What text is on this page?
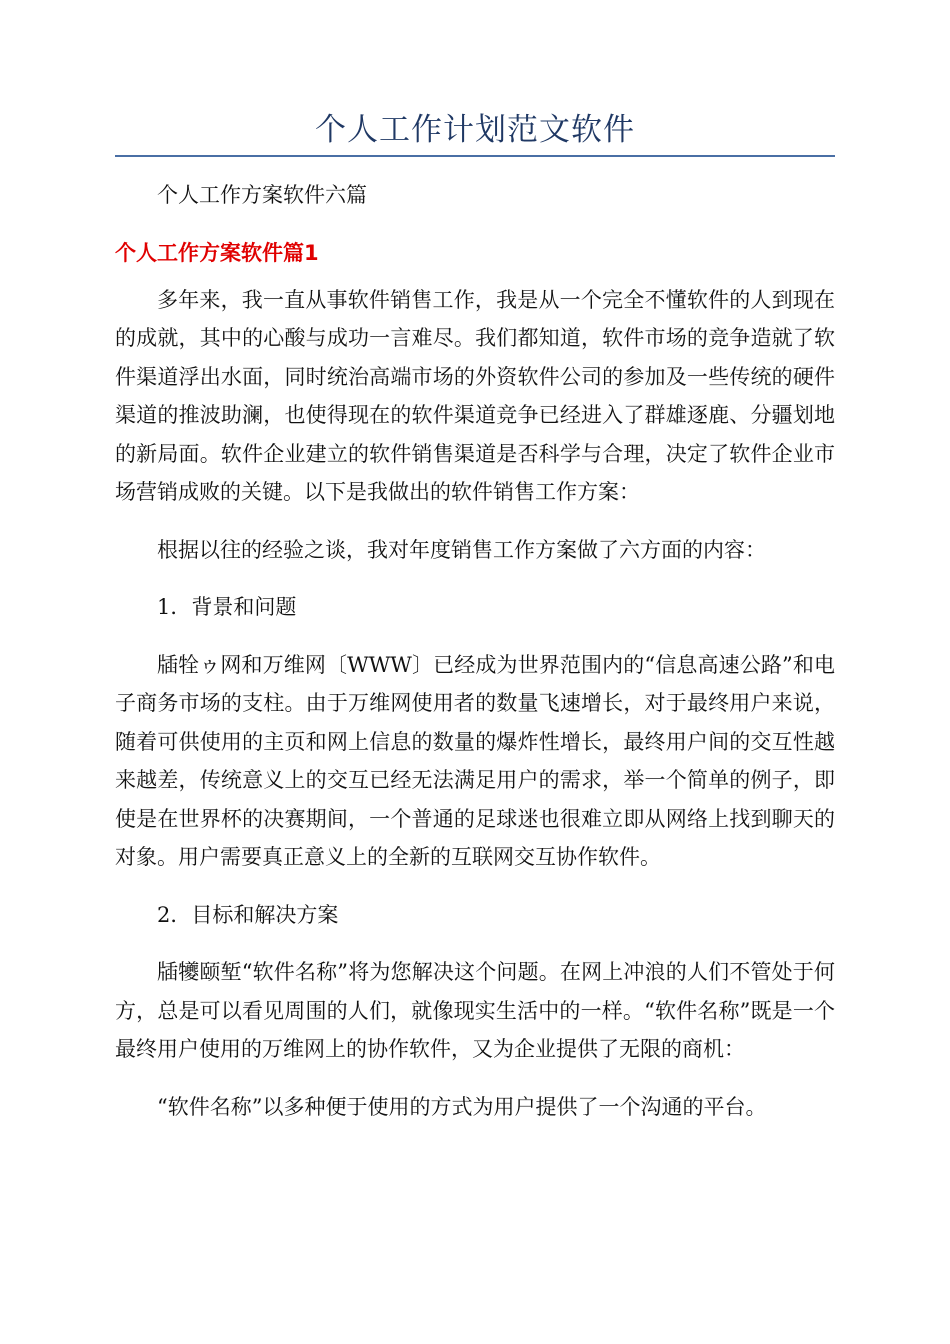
个人工作计划范文软件

个人工作方案软件六篇

个人工作方案软件篇1

多年来，我一直从事软件销售工作，我是从一个完全不懂软件的人到现在的成就，其中的心酸与成功一言难尽。我们都知道，软件市场的竞争造就了软件渠道浮出水面，同时统治高端市场的外资软件公司的参加及一些传统的硬件渠道的推波助澜，也使得现在的软件渠道竞争已经进入了群雄逐鹿、分疆划地的新局面。软件企业建立的软件销售渠道是否科学与合理，决定了软件企业市场营销成败的关键。以下是我做出的软件销售工作方案：

根据以往的经验之谈，我对年度销售工作方案做了六方面的内容：

1．背景和问题

牐牷ゥ网和万维网〔WWW〕已经成为世界范围内的“信息高速公路”和电子商务市场的支柱。由于万维网使用者的数量飞速增长，对于最终用户来说，随着可供使用的主页和网上信息的数量的爆炸性增长，最终用户间的交互性越来越差，传统意义上的交互已经无法满足用户的需求，举一个简单的例子，即使是在世界杯的决赛期间，一个普通的足球迷也很难立即从网络上找到聊天的对象。用户需要真正意义上的全新的互联网交互协作软件。

2．目标和解决方案

牐犪颐堑“软件名称”将为您解决这个问题。在网上冲浪的人们不管处于何方，总是可以看见周围的人们，就像现实生活中的一样。“软件名称”既是一个最终用户使用的万维网上的协作软件，又为企业提供了无限的商机：

“软件名称”以多种便于使用的方式为用户提供了一个沟通的平台。
